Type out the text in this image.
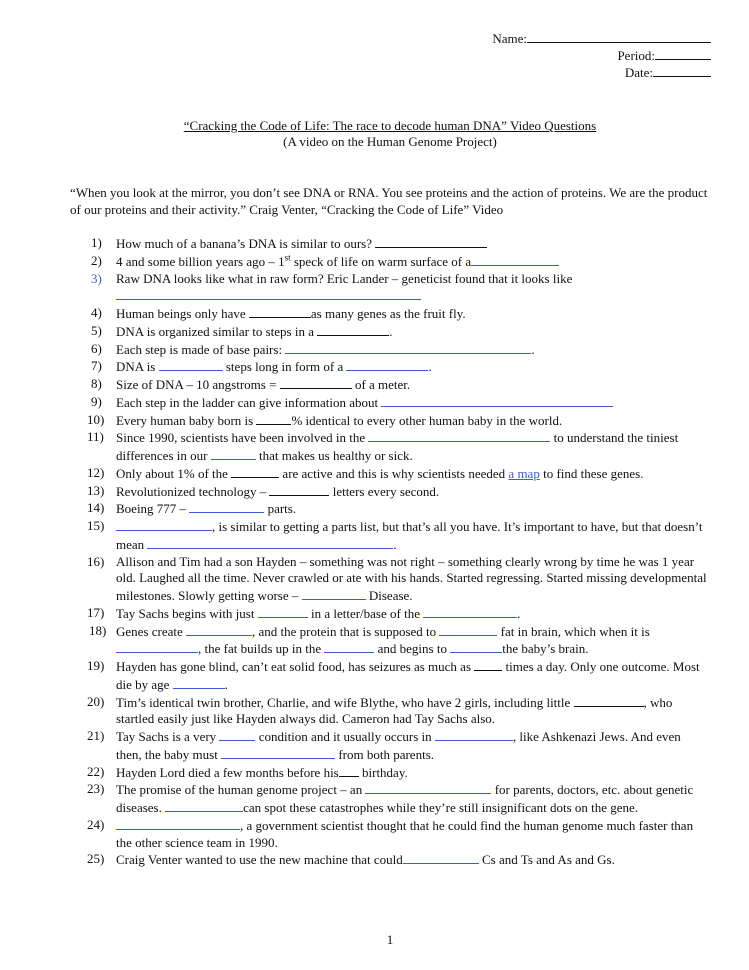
Name:
Period:
Date:
“Cracking the Code of Life: The race to decode human DNA” Video Questions
(A video on the Human Genome Project)
“When you look at the mirror, you don’t see DNA or RNA. You see proteins and the action of proteins. We are the product of our proteins and their activity.” Craig Venter, “Cracking the Code of Life” Video
1) How much of a banana’s DNA is similar to ours?
2) 4 and some billion years ago – 1st speck of life on warm surface of a
3) Raw DNA looks like what in raw form? Eric Lander – geneticist found that it looks like

4) Human beings only have	as many genes as the fruit fly.
5) DNA is organized similar to steps in a	.
6) Each step is made of base pairs:	.
7) DNA is	steps long in form of a	.
8) Size of DNA – 10 angstroms =	of a meter.
9) Each step in the ladder can give information about
10) Every human baby born is	% identical to every other human baby in the world.
11) Since 1990, scientists have been involved in the	to understand the tiniest differences in our	that makes us healthy or sick.
12) Only about 1% of the	are active and this is why scientists needed a map to find these genes.
13) Revolutionized technology –	letters every second.
14) Boeing 777 –	parts.
15)	, is similar to getting a parts list, but that’s all you have. It’s important to have, but that doesn’t mean	.
16) Allison and Tim had a son Hayden – something was not right – something clearly wrong by time he was 1 year old. Laughed all the time. Never crawled or ate with his hands. Started regressing. Started missing developmental milestones. Slowly getting worse –	Disease.
17) Tay Sachs begins with just	in a letter/base of the	.
18) Genes create	, and the protein that is supposed to	fat in brain, which when it is , the fat builds up in the	and begins to	the baby’s brain.
19) Hayden has gone blind, can’t eat solid food, has seizures as much as  times a day. Only one outcome. Most die by age	.
20) Tim’s identical twin brother, Charlie, and wife Blythe, who have 2 girls, including little	, who startled easily just like Hayden always did. Cameron had Tay Sachs also.
21) Tay Sachs is a very	condition and it usually occurs in	, like Ashkenazi Jews. And even then, the baby must	from both parents.
22) Hayden Lord died a few months before his birthday.
23) The promise of the human genome project – an	for parents, doctors, etc. about genetic diseases.	can spot these catastrophes while they’re still insignificant dots on the gene.
24)	, a government scientist thought that he could find the human genome much faster than the other science team in 1990.
25) Craig Venter wanted to use the new machine that could	Cs and Ts and As and Gs.
1
